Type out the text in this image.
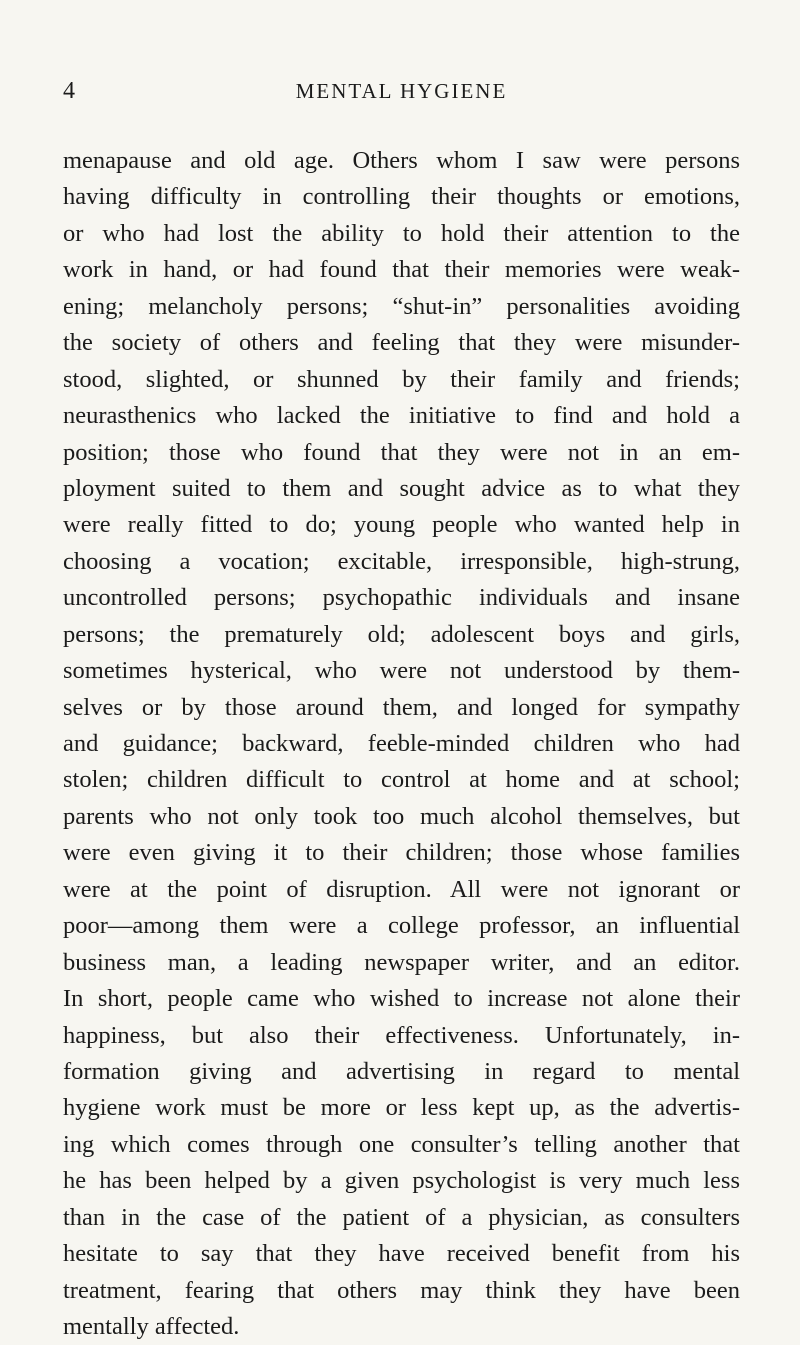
4	MENTAL HYGIENE
menapause and old age. Others whom I saw were persons
having difficulty in controlling their thoughts or emotions,
or who had lost the ability to hold their attention to the
work in hand, or had found that their memories were weak-
ening; melancholy persons; “shut-in” personalities avoiding
the society of others and feeling that they were misunder-
stood, slighted, or shunned by their family and friends;
neurasthenics who lacked the initiative to find and hold a
position; those who found that they were not in an em-
ployment suited to them and sought advice as to what they
were really fitted to do; young people who wanted help in
choosing a vocation; excitable, irresponsible, high-strung,
uncontrolled persons; psychopathic individuals and insane
persons; the prematurely old; adolescent boys and girls,
sometimes hysterical, who were not understood by them-
selves or by those around them, and longed for sympathy
and guidance; backward, feeble-minded children who had
stolen; children difficult to control at home and at school;
parents who not only took too much alcohol themselves, but
were even giving it to their children; those whose families
were at the point of disruption. All were not ignorant or
poor—among them were a college professor, an influential
business man, a leading newspaper writer, and an editor.
In short, people came who wished to increase not alone their
happiness, but also their effectiveness. Unfortunately, in-
formation giving and advertising in regard to mental
hygiene work must be more or less kept up, as the advertis-
ing which comes through one consulter’s telling another that
he has been helped by a given psychologist is very much less
than in the case of the patient of a physician, as consulters
hesitate to say that they have received benefit from his
treatment, fearing that others may think they have been
mentally affected.
